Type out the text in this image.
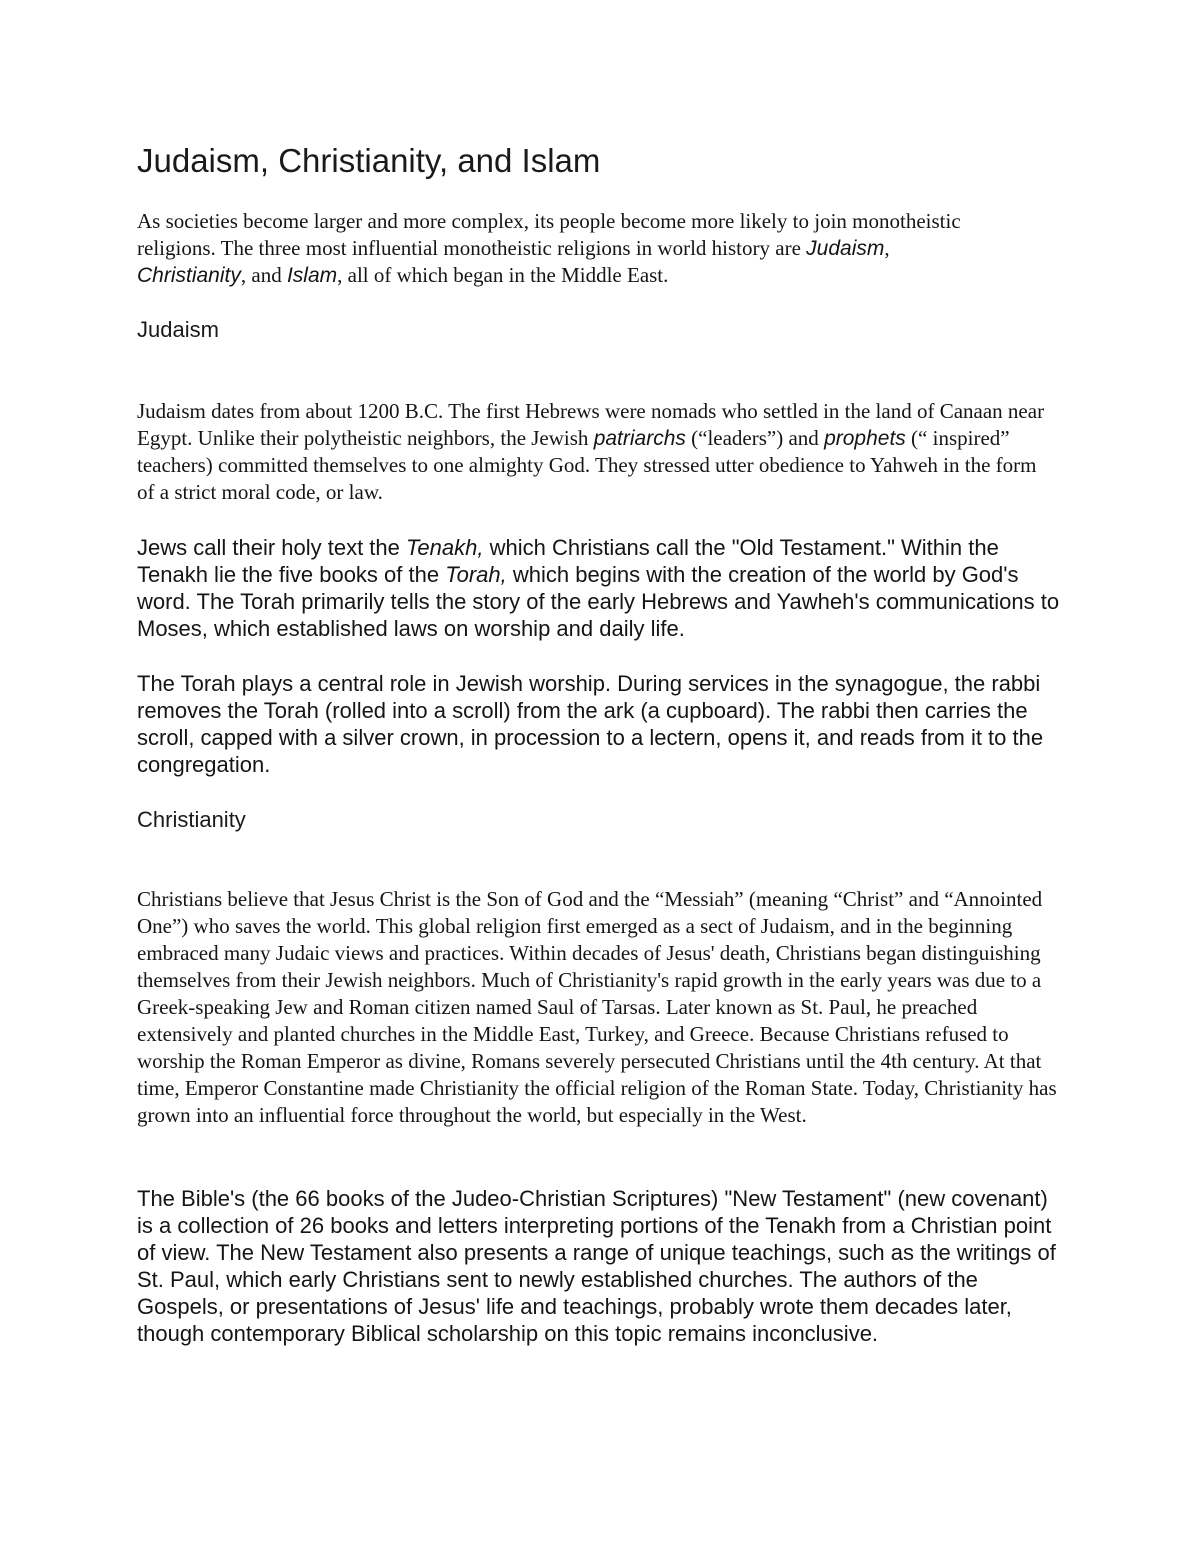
Judaism, Christianity, and Islam

As societies become larger and more complex, its people become more likely to join monotheistic religions. The three most influential monotheistic religions in world history are Judaism, Christianity, and Islam, all of which began in the Middle East.

Judaism

Judaism dates from about 1200 B.C. The first Hebrews were nomads who settled in the land of Canaan near Egypt. Unlike their polytheistic neighbors, the Jewish patriarchs (“leaders”) and prophets (“ inspired” teachers) committed themselves to one almighty God. They stressed utter obedience to Yahweh in the form of a strict moral code, or law.

Jews call their holy text the Tenakh, which Christians call the "Old Testament." Within the Tenakh lie the five books of the Torah, which begins with the creation of the world by God's word. The Torah primarily tells the story of the early Hebrews and Yawheh's communications to Moses, which established laws on worship and daily life.

The Torah plays a central role in Jewish worship. During services in the synagogue, the rabbi removes the Torah (rolled into a scroll) from the ark (a cupboard). The rabbi then carries the scroll, capped with a silver crown, in procession to a lectern, opens it, and reads from it to the congregation.

Christianity

Christians believe that Jesus Christ is the Son of God and the “Messiah” (meaning “Christ” and “Annointed One”) who saves the world. This global religion first emerged as a sect of Judaism, and in the beginning embraced many Judaic views and practices. Within decades of Jesus' death, Christians began distinguishing themselves from their Jewish neighbors. Much of Christianity's rapid growth in the early years was due to a Greek-speaking Jew and Roman citizen named Saul of Tarsas. Later known as St. Paul, he preached extensively and planted churches in the Middle East, Turkey, and Greece. Because Christians refused to worship the Roman Emperor as divine, Romans severely persecuted Christians until the 4th century. At that time, Emperor Constantine made Christianity the official religion of the Roman State. Today, Christianity has grown into an influential force throughout the world, but especially in the West.

The Bible's (the 66 books of the Judeo-Christian Scriptures) "New Testament" (new covenant) is a collection of 26 books and letters interpreting portions of the Tenakh from a Christian point of view. The New Testament also presents a range of unique teachings, such as the writings of St. Paul, which early Christians sent to newly established churches. The authors of the Gospels, or presentations of Jesus' life and teachings, probably wrote them decades later, though contemporary Biblical scholarship on this topic remains inconclusive.
